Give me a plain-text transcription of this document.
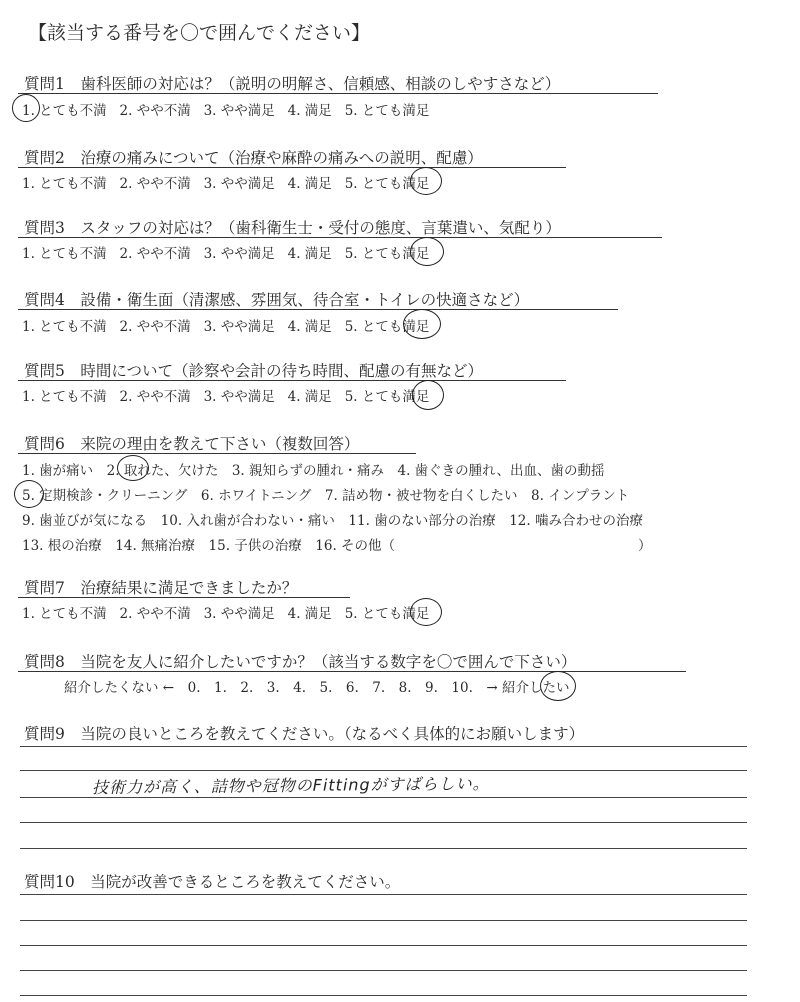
【該当する番号を〇で囲んでください】
質問1　歯科医師の対応は？（説明の明解さ、信頼感、相談のしやすさなど）
1. とても不満 2. やや不満 3. やや満足 4. 満足 5. とても満足
質問2　治療の痛みについて（治療や麻酔の痛みへの説明、配慮）
1. とても不満 2. やや不満 3. やや満足 4. 満足 5. とても満足
質問3　スタッフの対応は？（歯科衛生士・受付の態度、言葉遣い、気配り）
1. とても不満 2. やや不満 3. やや満足 4. 満足 5. とても満足
質問4　設備・衛生面（清潔感、雰囲気、待合室・トイレの快適さなど）
1. とても不満 2. やや不満 3. やや満足 4. 満足 5. とても満足
質問5　時間について（診察や会計の待ち時間、配慮の有無など）
1. とても不満 2. やや不満 3. やや満足 4. 満足 5. とても満足
質問6　来院の理由を教えて下さい（複数回答）
1. 歯が痛い　2. 取れた、欠けた　3. 親知らずの腫れ・痛み　4. 歯ぐきの腫れ、出血、歯の動揺
5. 定期検診・クリーニング　6. ホワイトニング　7. 詰め物・被せ物を白くしたい　8. インプラント
9. 歯並びが気になる　10. 入れ歯が合わない・痛い　11. 歯のない部分の治療　12. 噛み合わせの治療
13. 根の治療　14. 無痛治療　15. 子供の治療　16. その他（　　　　　　　　　　　　　　　　　　）
質問7　治療結果に満足できましたか？
1. とても不満 2. やや不満 3. やや満足 4. 満足 5. とても満足
質問8　当院を友人に紹介したいですか？（該当する数字を〇で囲んで下さい）
紹介したくない ←　0.　1.　2.　3.　4.　5.　6.　7.　8.　9.　10.　→ 紹介したい
質問9　当院の良いところを教えてください。（なるべく具体的にお願いします）
技術力が高く、詰物や冠物のFittingがすばらしい。
質問10　当院が改善できるところを教えてください。
